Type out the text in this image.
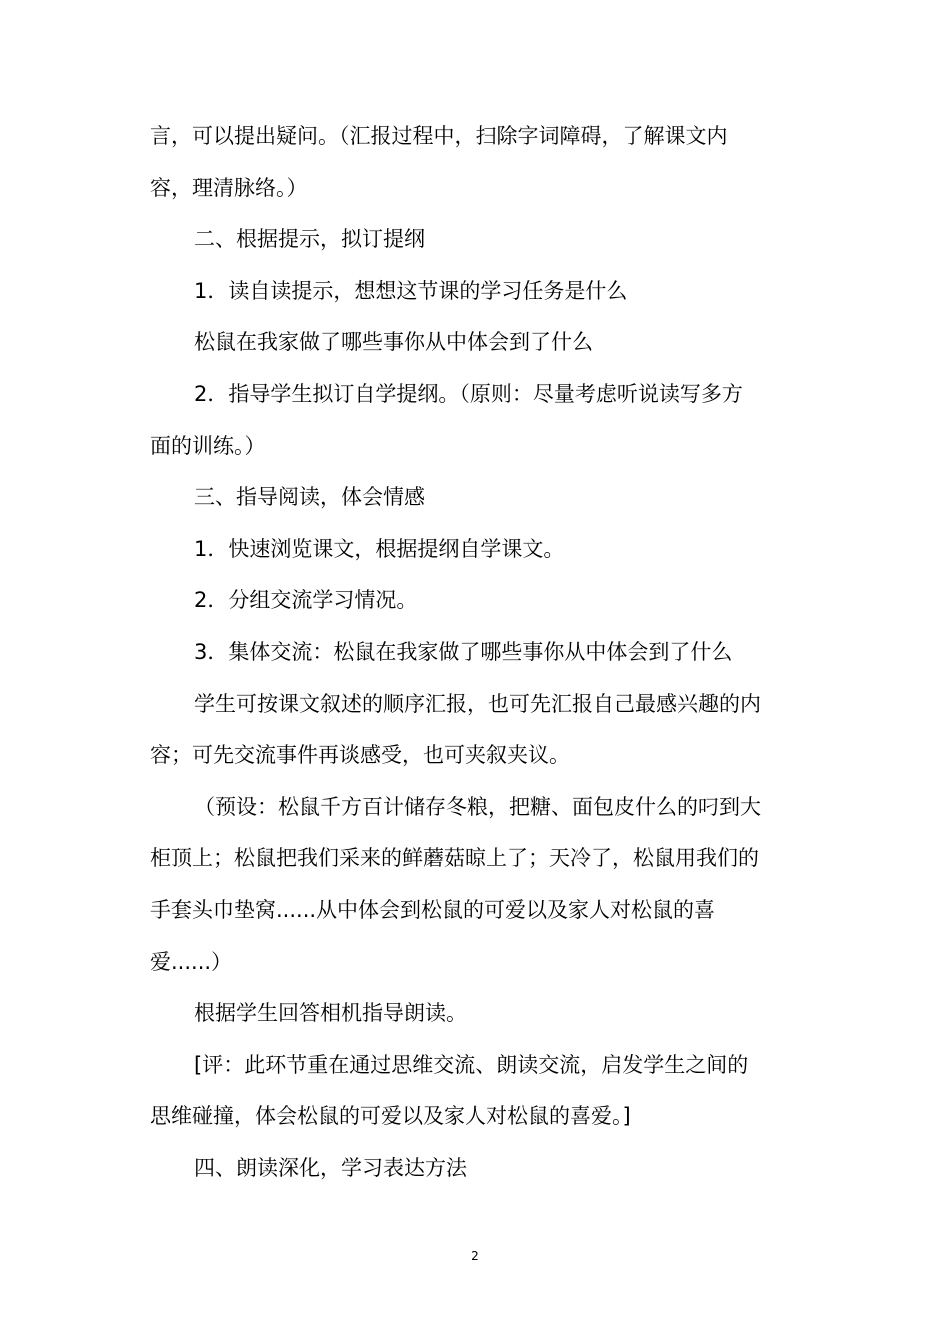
言，可以提出疑问。（汇报过程中，扫除字词障碍，了解课文内
容，理清脉络。）
二、根据提示，拟订提纲
1．读自读提示，想想这节课的学习任务是什么
松鼠在我家做了哪些事你从中体会到了什么
2．指导学生拟订自学提纲。（原则：尽量考虑听说读写多方
面的训练。）
三、指导阅读，体会情感
1．快速浏览课文，根据提纲自学课文。
2．分组交流学习情况。
3．集体交流：松鼠在我家做了哪些事你从中体会到了什么
学生可按课文叙述的顺序汇报，也可先汇报自己最感兴趣的内
容；可先交流事件再谈感受，也可夹叙夹议。
（预设：松鼠千方百计储存冬粮，把糖、面包皮什么的叼到大
柜顶上；松鼠把我们采来的鲜蘑菇晾上了；天冷了，松鼠用我们的
手套头巾垫窝......从中体会到松鼠的可爱以及家人对松鼠的喜
爱......）
根据学生回答相机指导朗读。
[评：此环节重在通过思维交流、朗读交流，启发学生之间的
思维碰撞，体会松鼠的可爱以及家人对松鼠的喜爱。]
四、朗读深化，学习表达方法
2
